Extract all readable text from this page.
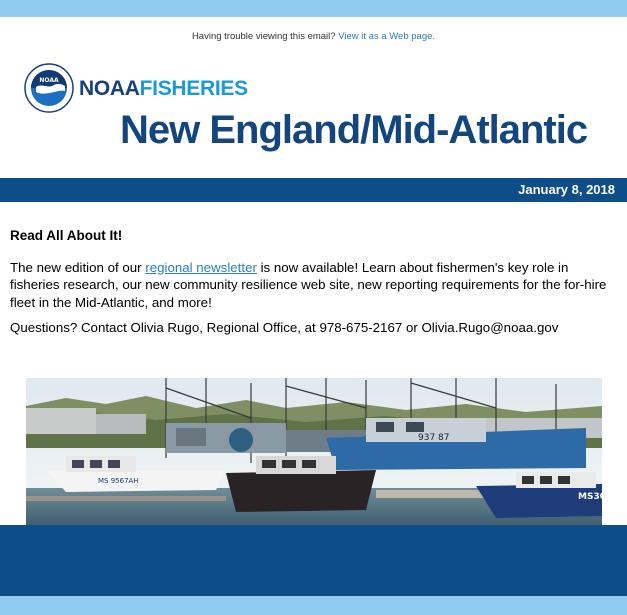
Having trouble viewing this email? View it as a Web page.
NOAA NOAAFISHERIES
New England/Mid-Atlantic
January 8, 2018

Read All About It!

The new edition of our regional newsletter is now available! Learn about fishermen's key role in fisheries research, our new community resilience web site, new reporting requirements for the for-hire fleet in the Mid-Atlantic, and more!

Questions? Contact Olivia Rugo, Regional Office, at 978-675-2167 or Olivia.Rugo@noaa.gov

937 87
MS 9567AH
MS30
